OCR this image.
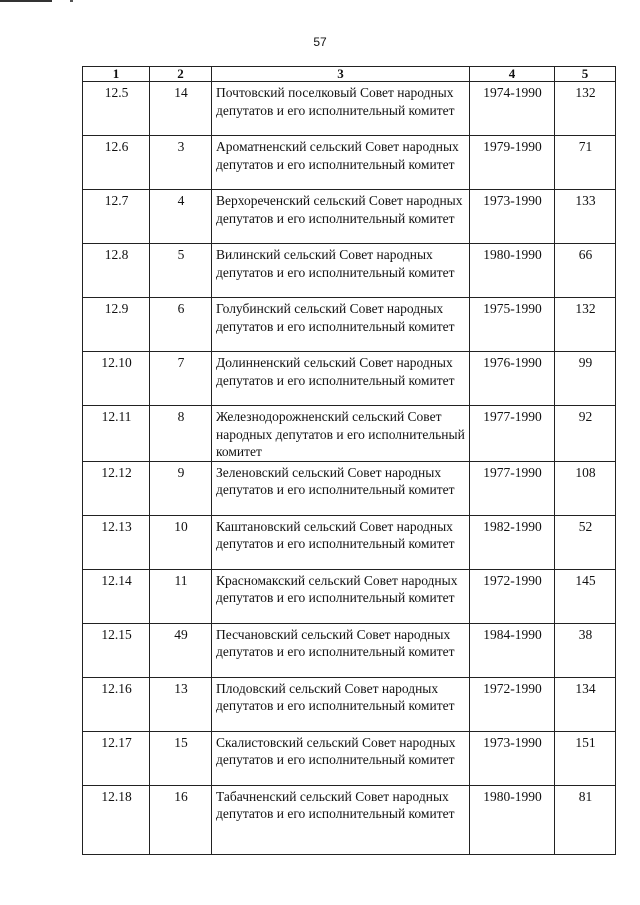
57
1	2	3	4	5
12.5	14	Почтовский поселковый Совет народных депутатов и его исполнительный комитет	1974-1990	132
12.6	3	Ароматненский сельский Совет народных депутатов и его исполнительный комитет	1979-1990	71
12.7	4	Верхореченский сельский Совет народных депутатов и его исполнительный комитет	1973-1990	133
12.8	5	Вилинский сельский Совет народных депутатов и его исполнительный комитет	1980-1990	66
12.9	6	Голубинский сельский Совет народных депутатов и его исполнительный комитет	1975-1990	132
12.10	7	Долинненский сельский Совет народных депутатов и его исполнительный комитет	1976-1990	99
12.11	8	Железнодорожненский сельский Совет народных депутатов и его исполнительный комитет	1977-1990	92
12.12	9	Зеленовский сельский Совет народных депутатов и его исполнительный комитет	1977-1990	108
12.13	10	Каштановский сельский Совет народных депутатов и его исполнительный комитет	1982-1990	52
12.14	11	Красномакский сельский Совет народных депутатов и его исполнительный комитет	1972-1990	145
12.15	49	Песчановский сельский Совет народных депутатов и его исполнительный комитет	1984-1990	38
12.16	13	Плодовский сельский Совет народных депутатов и его исполнительный комитет	1972-1990	134
12.17	15	Скалистовский сельский Совет народных депутатов и его исполнительный комитет	1973-1990	151
12.18	16	Табачненский сельский Совет народных депутатов и его исполнительный комитет	1980-1990	81
